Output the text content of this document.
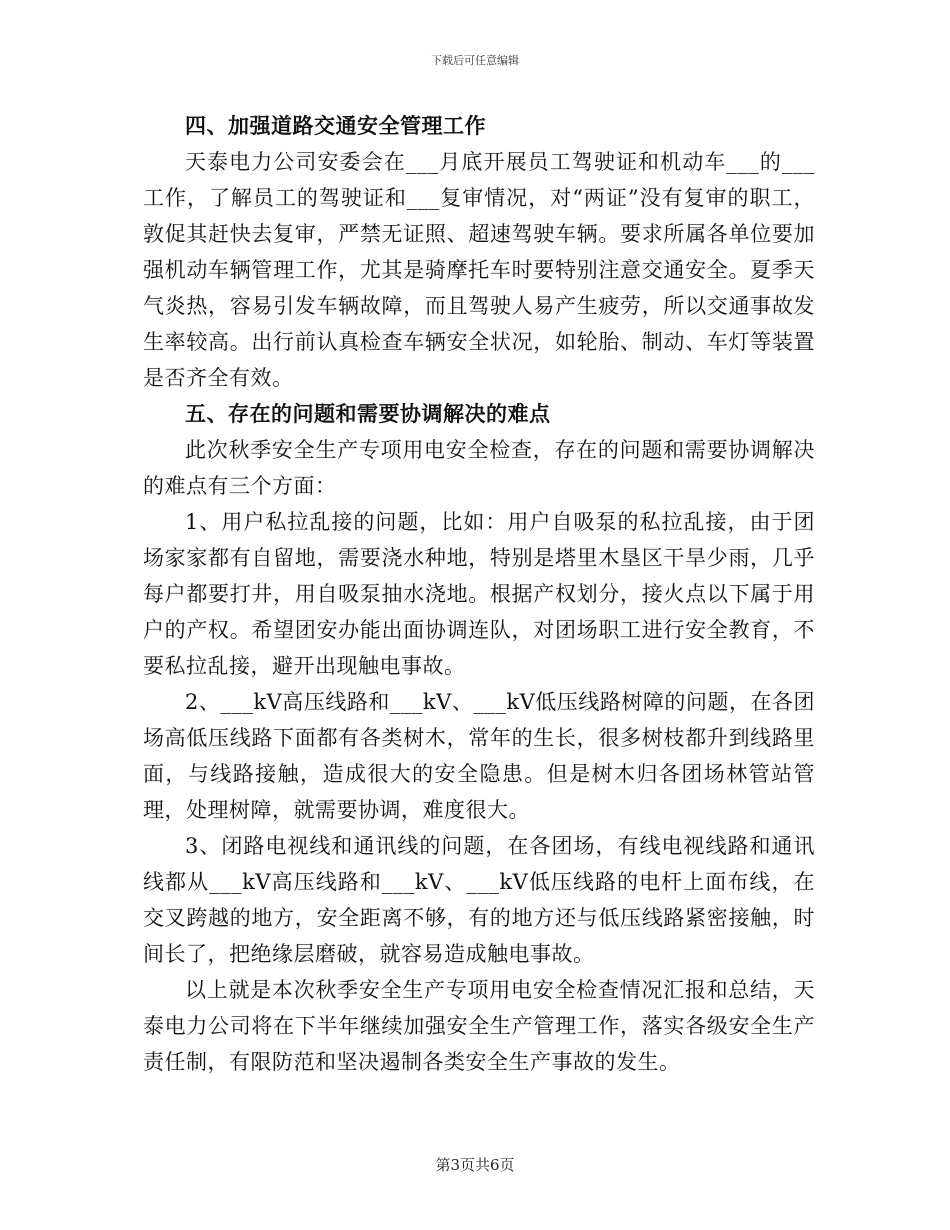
下载后可任意编辑

四、加强道路交通安全管理工作

天泰电力公司安委会在___月底开展员工驾驶证和机动车___的___工作，了解员工的驾驶证和___复审情况，对“两证”没有复审的职工，敦促其赶快去复审，严禁无证照、超速驾驶车辆。要求所属各单位要加强机动车辆管理工作，尤其是骑摩托车时要特别注意交通安全。夏季天气炎热，容易引发车辆故障，而且驾驶人易产生疲劳，所以交通事故发生率较高。出行前认真检查车辆安全状况，如轮胎、制动、车灯等装置是否齐全有效。

五、存在的问题和需要协调解决的难点

此次秋季安全生产专项用电安全检查，存在的问题和需要协调解决的难点有三个方面：

1、用户私拉乱接的问题，比如：用户自吸泵的私拉乱接，由于团场家家都有自留地，需要浇水种地，特别是塔里木垦区干旱少雨，几乎每户都要打井，用自吸泵抽水浇地。根据产权划分，接火点以下属于用户的产权。希望团安办能出面协调连队，对团场职工进行安全教育，不要私拉乱接，避开出现触电事故。

2、___kV高压线路和___kV、___kV低压线路树障的问题，在各团场高低压线路下面都有各类树木，常年的生长，很多树枝都升到线路里面，与线路接触，造成很大的安全隐患。但是树木归各团场林管站管理，处理树障，就需要协调，难度很大。

3、闭路电视线和通讯线的问题，在各团场，有线电视线路和通讯线都从___kV高压线路和___kV、___kV低压线路的电杆上面布线，在交叉跨越的地方，安全距离不够，有的地方还与低压线路紧密接触，时间长了，把绝缘层磨破，就容易造成触电事故。

以上就是本次秋季安全生产专项用电安全检查情况汇报和总结，天泰电力公司将在下半年继续加强安全生产管理工作，落实各级安全生产责任制，有限防范和坚决遏制各类安全生产事故的发生。

第3页共6页
